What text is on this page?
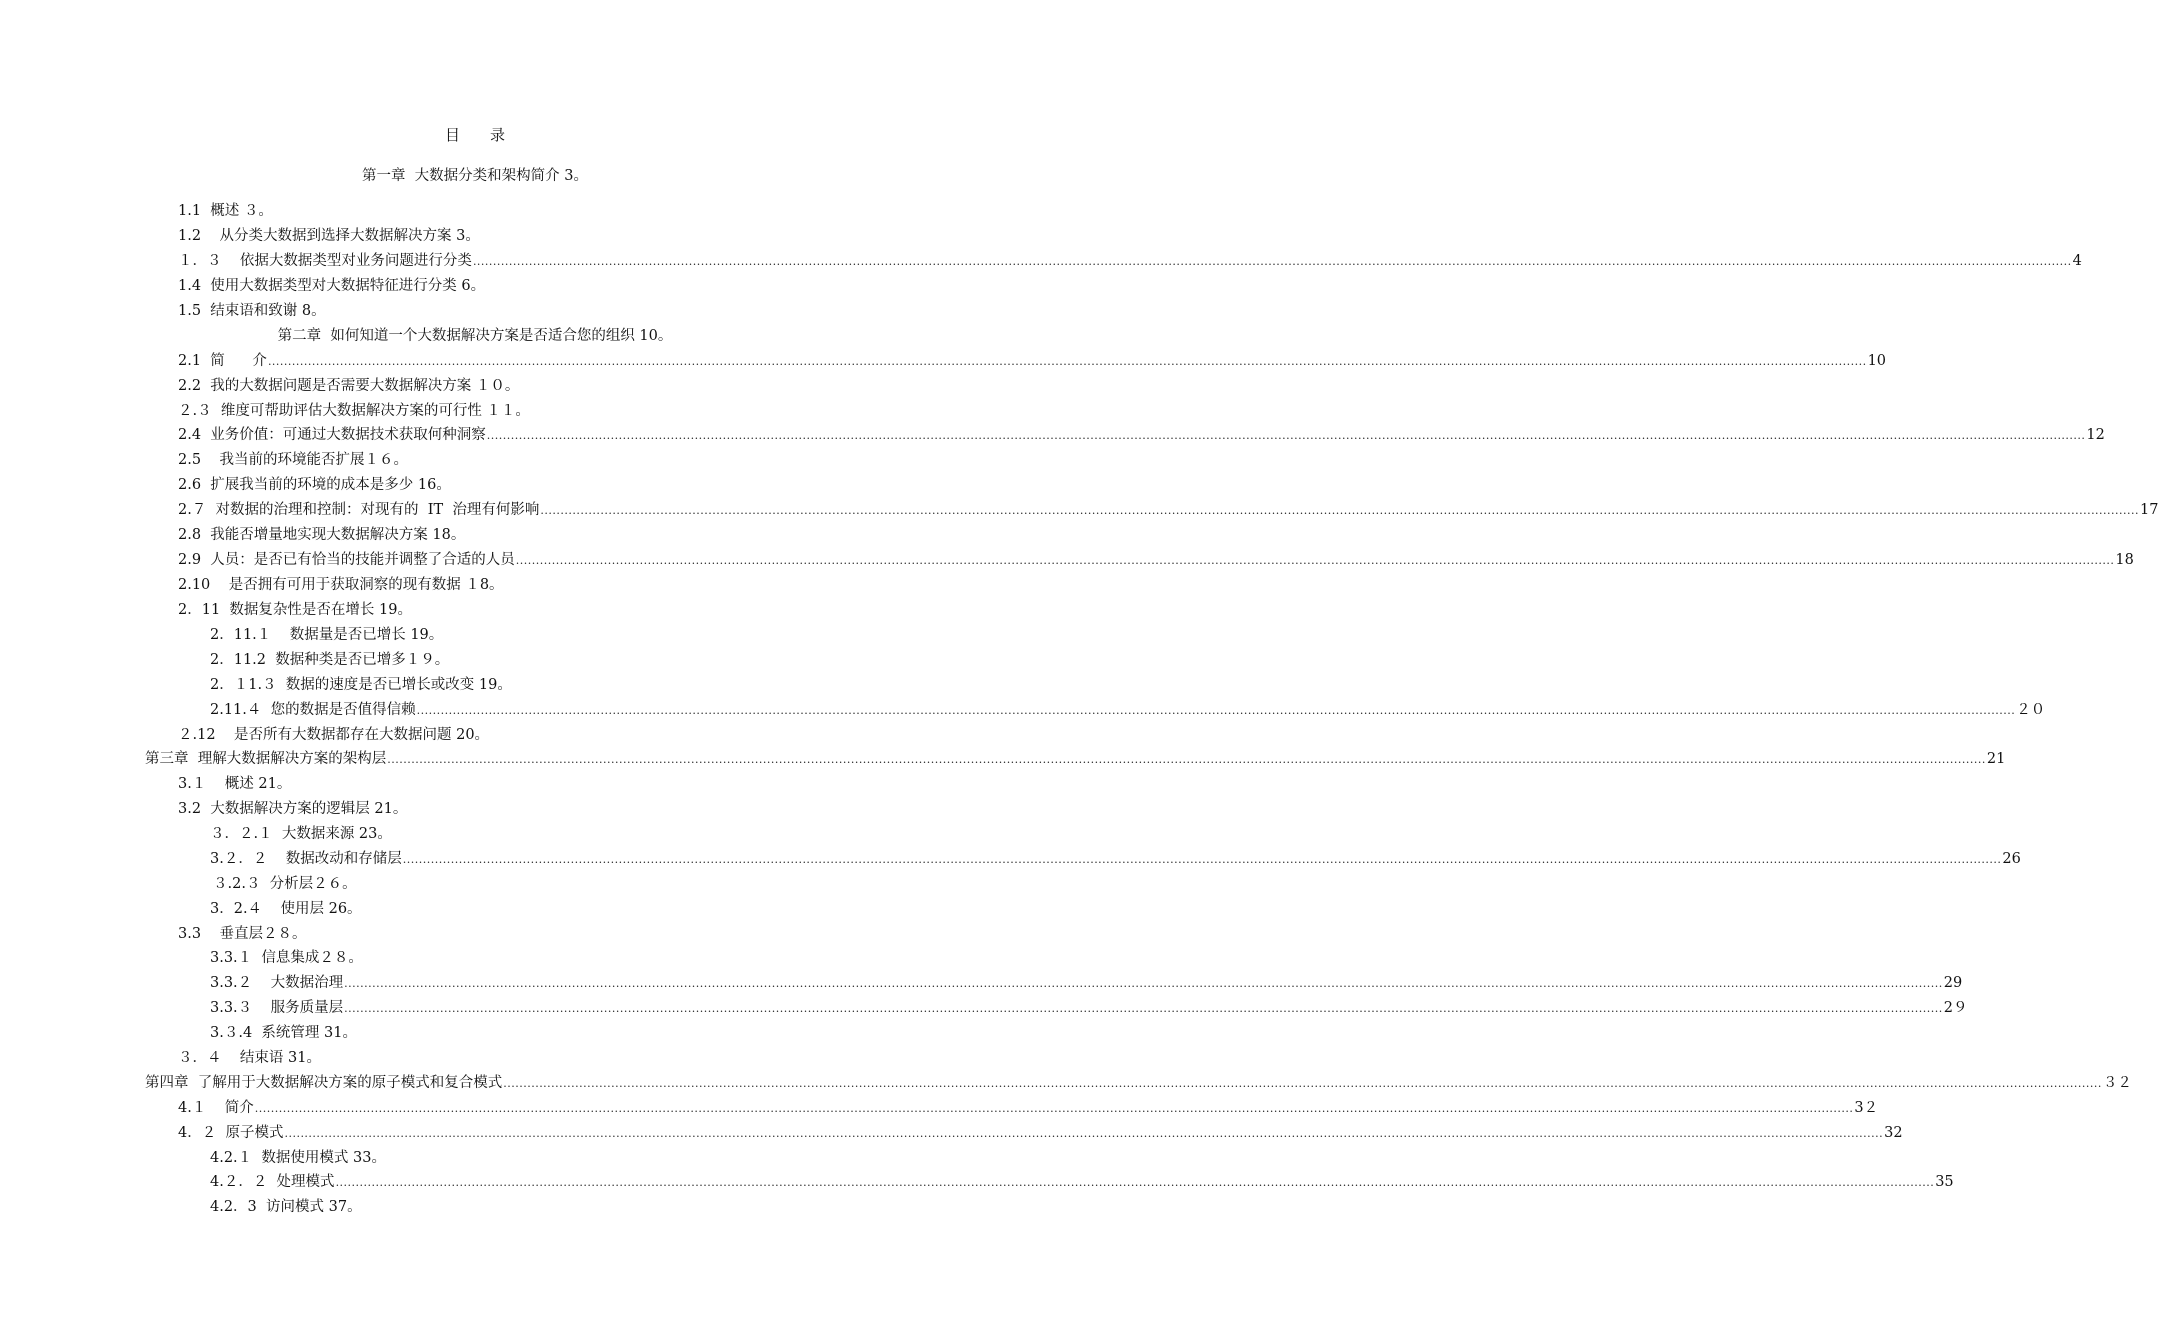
目　　录
第一章  大数据分类和架构简介 3。
1.1  概述 ３。
1.2    从分类大数据到选择大数据解决方案 3。
１．３    依据大数据类型对业务问题进行分类 ................................................................................................................................................................................................................................................................................................................................................................................................................ 4
1.4  使用大数据类型对大数据特征进行分类 6。
1.5  结束语和致谢 8。
第二章  如何知道一个大数据解决方案是否适合您的组织 10。
2.1  简      介 ................................................................................................................................................................................................................................................................................................................................................................................................................ 10
2.2  我的大数据问题是否需要大数据解决方案 １０。
２.３  维度可帮助评估大数据解决方案的可行性 １１。
2.4  业务价值：可通过大数据技术获取何种洞察 ................................................................................................................................................................................................................................................................................................................................................................................................................ 12
2.5    我当前的环境能否扩展１６。
2.6  扩展我当前的环境的成本是多少 16。
2.７  对数据的治理和控制：对现有的  IT  治理有何影响 ................................................................................................................................................................................................................................................................................................................................................................................................................ 17
2.8  我能否增量地实现大数据解决方案 18。
2.9  人员：是否已有恰当的技能并调整了合适的人员 ................................................................................................................................................................................................................................................................................................................................................................................................................ 18
2.10    是否拥有可用于获取洞察的现有数据 １8。
2．11  数据复杂性是否在增长 19。
2．11.１    数据量是否已增长 19。
2．11.2  数据种类是否已增多１９。
2．１1.３  数据的速度是否已增长或改变 19。
2.11.４  您的数据是否值得信赖 ................................................................................................................................................................................................................................................................................................................................................................................................................ ２０
２.12    是否所有大数据都存在大数据问题 20。
第三章  理解大数据解决方案的架构层 ................................................................................................................................................................................................................................................................................................................................................................................................................ 21
3.１    概述 21。
3.2  大数据解决方案的逻辑层 21。
３．２.１  大数据来源 23。
3.２．２    数据改动和存储层 ................................................................................................................................................................................................................................................................................................................................................................................................................ 26
３.2.３  分析层２６。
3．2.４    使用层 26。
3.3    垂直层２８。
3.3.１  信息集成２８。
3.3.２    大数据治理 ................................................................................................................................................................................................................................................................................................................................................................................................................ 29
3.3.３    服务质量层 ................................................................................................................................................................................................................................................................................................................................................................................................................ 2９
3.３.4  系统管理 31。
３．４    结束语 31。
第四章  了解用于大数据解决方案的原子模式和复合模式 ................................................................................................................................................................................................................................................................................................................................................................................................................ ３２
4.１    简介 ................................................................................................................................................................................................................................................................................................................................................................................................................ 3２
4．２  原子模式 ................................................................................................................................................................................................................................................................................................................................................................................................................ 32
4.2.１  数据使用模式 33。
4.２．２  处理模式 ................................................................................................................................................................................................................................................................................................................................................................................................................ 35
4.2．3  访问模式 37。
